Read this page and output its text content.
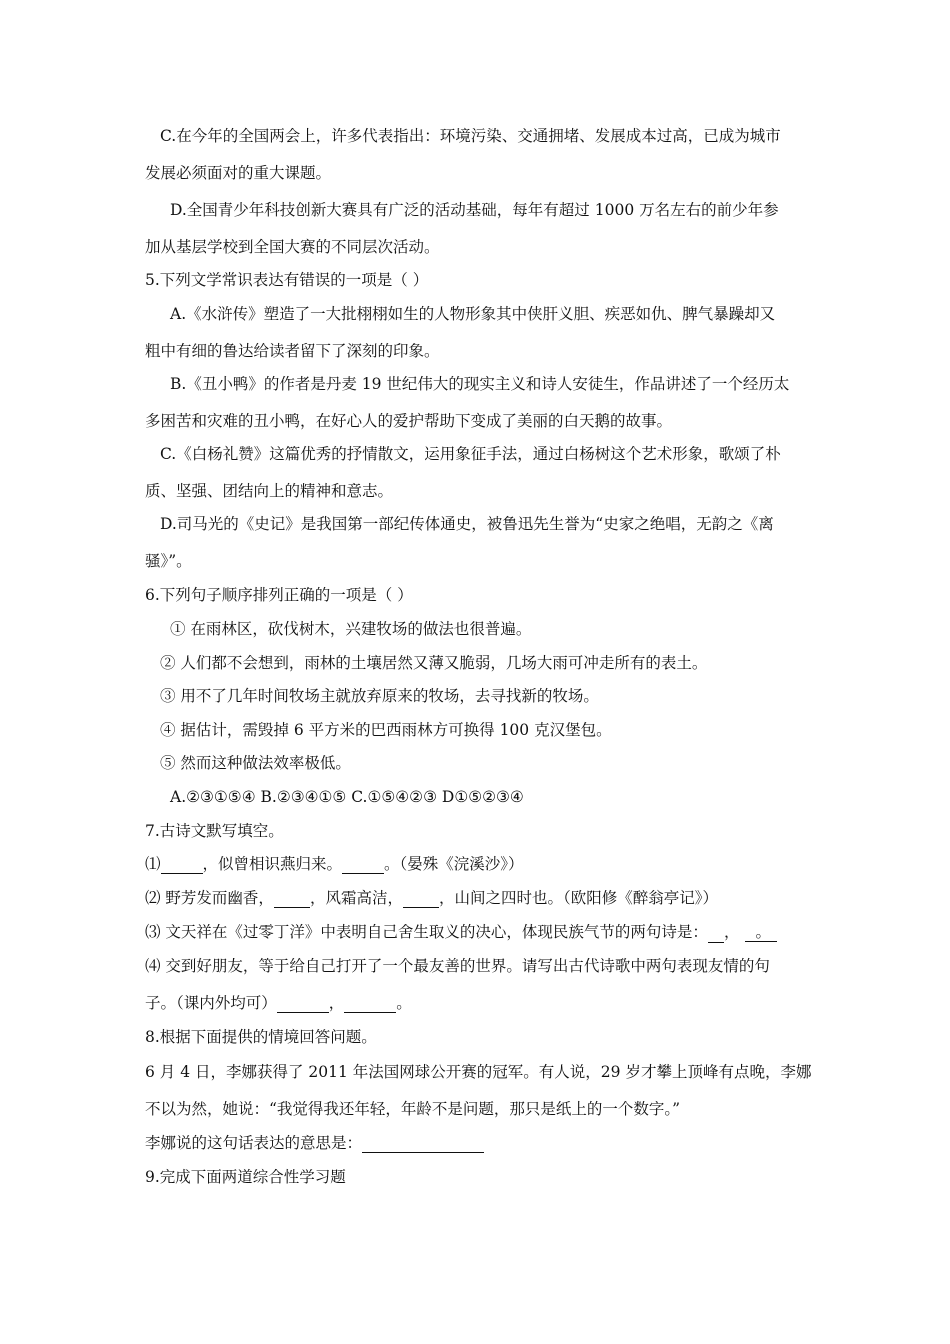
C.在今年的全国两会上，许多代表指出：环境污染、交通拥堵、发展成本过高，已成为城市
发展必须面对的重大课题。
D.全国青少年科技创新大赛具有广泛的活动基础，每年有超过 1000 万名左右的前少年参
加从基层学校到全国大赛的不同层次活动。
5.下列文学常识表达有错误的一项是（ ）
A.《水浒传》塑造了一大批栩栩如生的人物形象其中侠肝义胆、疾恶如仇、脾气暴躁却又
粗中有细的鲁达给读者留下了深刻的印象。
B.《丑小鸭》的作者是丹麦 19 世纪伟大的现实主义和诗人安徒生，作品讲述了一个经历太
多困苦和灾难的丑小鸭，在好心人的爱护帮助下变成了美丽的白天鹅的故事。
C.《白杨礼赞》这篇优秀的抒情散文，运用象征手法，通过白杨树这个艺术形象，歌颂了朴
质、坚强、团结向上的精神和意志。
D.司马光的《史记》是我国第一部纪传体通史，被鲁迅先生誉为“史家之绝唱，无韵之《离
骚》”。
6.下列句子顺序排列正确的一项是（ ）
① 在雨林区，砍伐树木，兴建牧场的做法也很普遍。
② 人们都不会想到，雨林的土壤居然又薄又脆弱，几场大雨可冲走所有的表土。
③ 用不了几年时间牧场主就放弃原来的牧场，去寻找新的牧场。
④ 据估计，需毁掉 6 平方米的巴西雨林方可换得 100 克汉堡包。
⑤ 然而这种做法效率极低。
A.②③①⑤④ B.②③④①⑤ C.①⑤④②③ D①⑤②③④
7.古诗文默写填空。
⑴	，似曾相识燕归来。	。（晏殊《浣溪沙》）
⑵ 野芳发而幽香， ，风霜高洁， ，山间之四时也。（欧阳修《醉翁亭记》）
⑶ 文天祥在《过零丁洋》中表明自己舍生取义的决心，体现民族气节的两句诗是： ， 。
⑷ 交到好朋友，等于给自己打开了一个最友善的世界。请写出古代诗歌中两句表现友情的句
子。（课内外均可）	，	。
8.根据下面提供的情境回答问题。
6 月 4 日，李娜获得了 2011 年法国网球公开赛的冠军。有人说，29 岁才攀上顶峰有点晚，李娜
不以为然，她说：“我觉得我还年轻，年龄不是问题，那只是纸上的一个数字。”
李娜说的这句话表达的意思是：
9.完成下面两道综合性学习题
